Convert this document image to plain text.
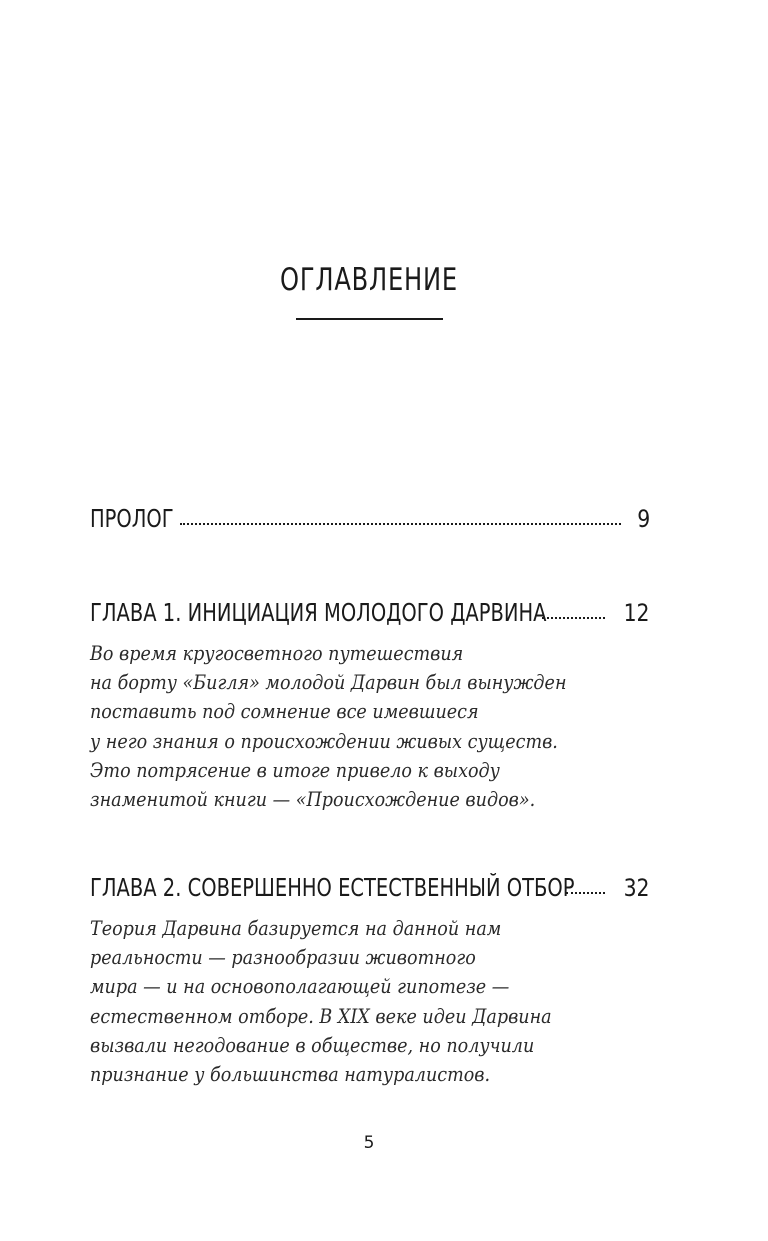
ОГЛАВЛЕНИЕ
ПРОЛОГ	9
ГЛАВА 1. ИНИЦИАЦИЯ МОЛОДОГО ДАРВИНА	12
Во время кругосветного путешествия
на борту «Бигля» молодой Дарвин был вынужден
поставить под сомнение все имевшиеся
у него знания о происхождении живых существ.
Это потрясение в итоге привело к выходу
знаменитой книги — «Происхождение видов».
ГЛАВА 2. СОВЕРШЕННО ЕСТЕСТВЕННЫЙ ОТБОР 32
Теория Дарвина базируется на данной нам
реальности — разнообразии животного
мира — и на основополагающей гипотезе —
естественном отборе. В XIX веке идеи Дарвина
вызвали негодование в обществе, но получили
признание у большинства натуралистов.
5
